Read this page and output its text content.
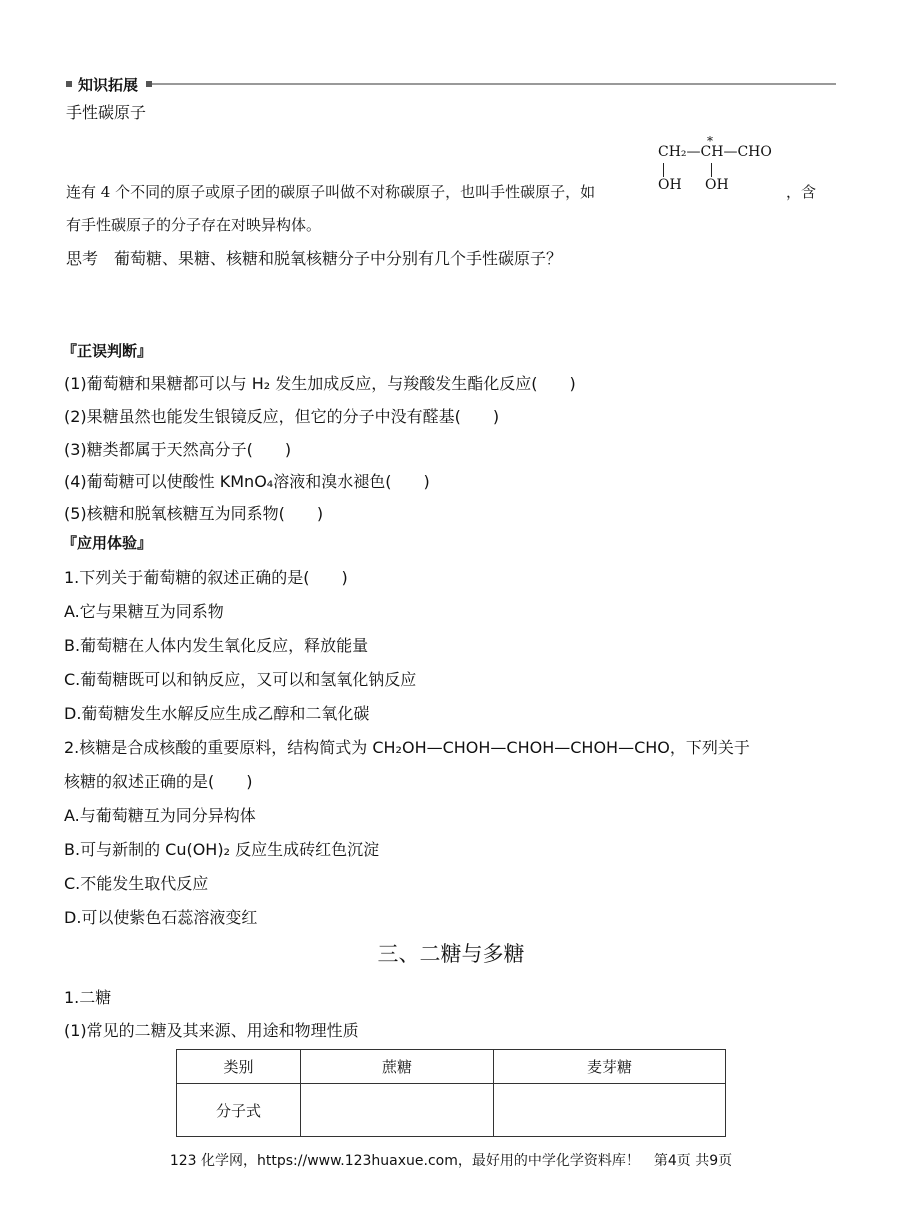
知识拓展
手性碳原子
*
CH₂—CH—CHO
OH OH
连有 4 个不同的原子或原子团的碳原子叫做不对称碳原子，也叫手性碳原子，如	，含
有手性碳原子的分子存在对映异构体。
思考　葡萄糖、果糖、核糖和脱氧核糖分子中分别有几个手性碳原子？
『正误判断』
(1)葡萄糖和果糖都可以与 H₂ 发生加成反应，与羧酸发生酯化反应(　　)
(2)果糖虽然也能发生银镜反应，但它的分子中没有醛基(　　)
(3)糖类都属于天然高分子(　　)
(4)葡萄糖可以使酸性 KMnO₄溶液和溴水褪色(　　)
(5)核糖和脱氧核糖互为同系物(　　)
『应用体验』
1.下列关于葡萄糖的叙述正确的是(　　)
A.它与果糖互为同系物
B.葡萄糖在人体内发生氧化反应，释放能量
C.葡萄糖既可以和钠反应，又可以和氢氧化钠反应
D.葡萄糖发生水解反应生成乙醇和二氧化碳
2.核糖是合成核酸的重要原料，结构简式为 CH₂OH—CHOH—CHOH—CHOH—CHO，下列关于
核糖的叙述正确的是(　　)
A.与葡萄糖互为同分异构体
B.可与新制的 Cu(OH)₂ 反应生成砖红色沉淀
C.不能发生取代反应
D.可以使紫色石蕊溶液变红
三、二糖与多糖
1.二糖
(1)常见的二糖及其来源、用途和物理性质
类别	蔗糖	麦芽糖
分子式		
123 化学网，https://www.123huaxue.com，最好用的中学化学资料库！　第4页 共9页
